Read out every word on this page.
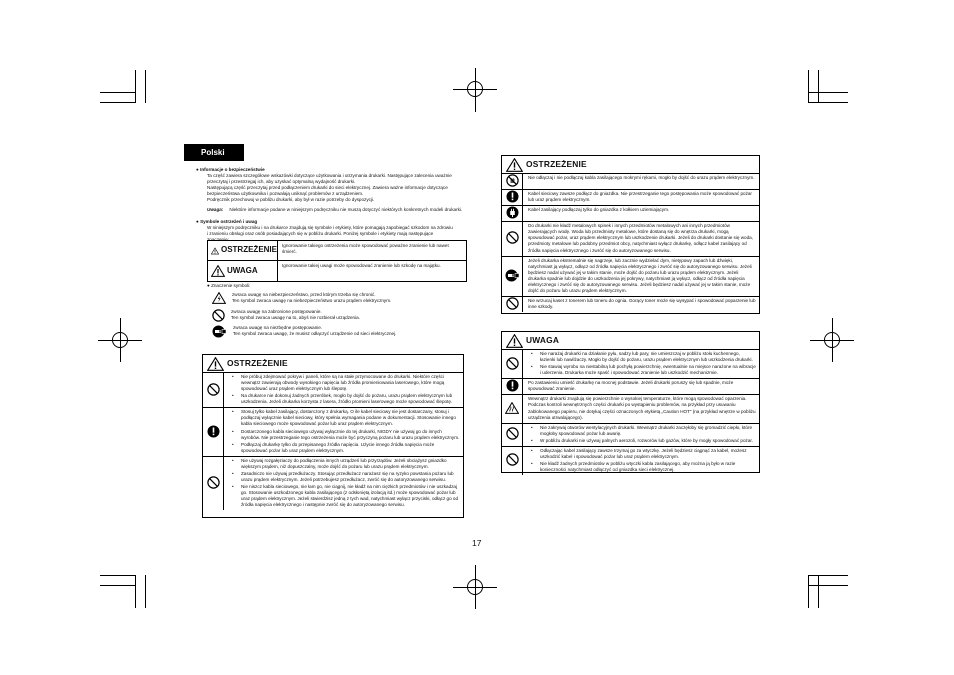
Polski
● Informacje o bezpieczeństwie
Ta część zawiera szczegółowe wskazówki dotyczące użytkowania i utrzymania drukarki. Następujące zalecenia uważnie
przeczytaj i przestrzegaj ich, aby uzyskać optymalną wydajność drukarki.
Następującą część przeczytaj przed podłączeniem drukarki do sieci elektrycznej. Zawiera ważne informacje dotyczące
bezpieczeństwa użytkownika i pozwalają uniknąć problemów z urządzeniem.
Podręcznik przechowuj w pobliżu drukarki, aby był w razie potrzeby do dyspozycji.
Uwaga: Niektóre informacje podane w niniejszym podręczniku nie muszą dotyczyć niektórych konkretnych modeli drukarki.
● Symbole ostrzeżeń i uwag
W niniejszym podręczniku i na drukarce znajdują się symbole i etykiety, które pomagają zapobiegać szkodom na zdrowiu
i zranieniu obsługi oraz osób posiadających się w pobliżu drukarki. Poniżej symbole i etykiety mają następujące
znaczenie:
OSTRZEŻENIE	Ignorowanie takiego ostrzeżenia może spowodować poważne zranienie lub nawet śmierć.
UWAGA
Ignorowanie takiej uwagi może spowodować zranienie lub szkodę na majątku.
● Znaczenie symboli:
zwraca uwagę na niebezpieczeństwo, przed którym trzeba się chronić.
Ten symbol zwraca uwagę na niebezpieczeństwo urazu prądem elektrycznym.
zwraca uwagę na zabronione postępowanie.
Ten symbol zwraca uwagę na to, abyś nie rozbierał urządzenia.
zwraca uwagę na niezbędne postępowanie.
Ten symbol zwraca uwagę, że musisz odłączyć urządzenie od sieci elektrycznej.
OSTRZEŻENIE
• Nie próbuj zdejmować pokryw i paneli, które są na stałe przymocowane do drukarki. Niektóre części wewnątrz zawierają obwody wysokiego napięcia lub źródła promieniowania laserowego, które mogą spowodować uraz prądem elektrycznym lub ślepotę.
• Na drukarce nie dokonuj żadnych przeróbek, mogło by dojść do pożaru, urazu prądem elektrycznym lub uszkodzenia. Jeżeli drukarka korzysta z lasera, źródło promieni laserowego może spowodować ślepotę.
• Stosuj tylko kabel zasilający, dostarczony z drukarką. O ile kabel sieciowy nie jest dostarczany, stosuj i podłączaj wyłącznie kabel sieciowy, który spełnia wymagania podane w dokumentacji. Stosowanie innego kabla sieciowego może spowodować pożar lub uraz prądem elektrycznym.
• Dostarczonego kabla sieciowego używaj wyłącznie do tej drukarki, NIGDY nie używaj go do innych wyrobów. Nie przestrzeganie tego ostrzeżenia może być przyczyną pożaru lub urazu prądem elektrycznym.
• Podłączaj drukarkę tylko do przepisanego źródła napięcia. Użycie innego źródła napięcia może spowodować pożar lub uraz prądem elektrycznym.
• Nie używaj rozgałęziaczy do podłączenia innych urządzeń lub przyrządów. Jeżeli obciążysz gniazdko większym prądem, niż dopuszczalny, może dojść do pożaru lub urazu prądem elektrycznym.
• Zasadniczo nie używaj przedłużaczy. Stosując przedłużacz narażasz się na ryzyko powstania pożaru lub urazu prądem elektrycznym. Jeżeli potrzebujesz przedłużacz, zwróć się do autoryzowanego serwisu.
• Nie niszcz kabla sieciowego, nie łam go, nie ciągnij, nie kładź na nim ciężkich przedmiotów i nie uszkadzaj go. Stosowanie uszkodzonego kabla zasilającego (z odsłoniętą izolacją itd.) może spowodować pożar lub uraz prądem elektrycznym. Jeżeli stwierdzisz jedną z tych wad, natychmiast wyłącz przyciski, odłącz go od źródła napięcia elektrycznego i następnie zwróć się do autoryzowanego serwisu.
OSTRZEŻENIE

Nie odłączaj i nie podłączaj kabla zasilającego mokrymi rękami, mogło by dojść do urazu prądem elektrycznym.

Kabel sieciowy zawsze podłącz do gniazdka. Nie przestrzeganie tego postępowania może spowodować pożar lub uraz prądem elektrycznym.

Kabel zasilający podłączaj tylko do gniazdka z kołkiem uziemiającym.

Do drukarki nie kładź metalowych spinek i innych przedmiotów metalowych ani innych przedmiotów zawierających wodę. Woda lub przedmioty metalowe, które dostaną się do wnętrza drukarki, mogą spowodować pożar, uraz prądem elektrycznym lub uszkodzenie drukarki. Jeżeli do drukarki dostanie się woda, przedmioty metalowe lub podobny przedmiot obcy, natychmiast wyłącz drukarkę, odłącz kabel zasilający od źródła napięcia elektrycznego i zwróć się do autoryzowanego serwisu.

Jeżeli drukarka ekstremalnie się nagrzeje, lub zacznie wydzielać dym, nietypowy zapach lub dźwięki, natychmiast ją wyłącz, odłącz od źródła napięcia elektrycznego i zwróć się do autoryzowanego serwisu. Jeżeli będziesz nadal używać jej w takim stanie, może dojść do pożaru lub urazu prądem elektrycznym. Jeżeli drukarka spadnie lub dojdzie do uszkodzenia jej pokrywy, natychmiast ją wyłącz, odłącz od źródła napięcia elektrycznego i zwróć się do autoryzowanego serwisu. Jeżeli będziesz nadal używać jej w takim stanie, może dojść do pożaru lub urazu prądem elektrycznym.

Nie wrzucaj kaset z tonerem lub toneru do ognia. Gorący toner może się wysypać i spowodować poparzenie lub inne szkody.

UWAGA
• Nie narażaj drukarki na działanie pyłu, sadzy lub pary, nie umieszczaj w pobliżu stołu kuchennego, łazienki lub nawilżaczy. Mogło by dojść do pożaru, urazu prądem elektrycznym lub uszkodzenia drukarki.
• Nie stawiaj wyrobu na niestabilną lub pochyłą powierzchnię, ewentualnie na miejsce narażone na wibracje i uderzenia. Drukarka może spaść i spowodować zranienie lub uszkodzić mechanizmie.

Po zastawieniu umieść drukarkę na mocnej podstawie. Jeżeli drukarki poruszy się lub spadnie, może spowodować zranienie.

Wewnątrz drukarki znajdują się powierzchnie o wysokiej temperaturze, które mogą spowodować oparzenia. Podczas kontroli wewnętrznych części drukarki po wystąpieniu problemów, na przykład przy usuwaniu zablokowanego papieru, nie dotykaj części oznaczonych etykietą „Caution HOT” (na przykład wnętrze w pobliżu urządzenia utrwalającego).

• Nie zakrywaj otworów wentylacyjnych drukarki. Wewnątrz drukarki zaczęłoby się gromadzić ciepło, które mogłoby spowodować pożar lub awarię.
• W pobliżu drukarki nie używaj palnych aerozoli, rozworów lub gazów, które by mogły spowodować pożar.
• Odłączając kabel zasilający zawsze trzymaj go za wtyczkę. Jeżeli będziesz ciągnąć za kabel, możesz uszkodzić kabel i spowodować pożar lub uraz prądem elektrycznym.
• Nie kładź żadnych przedmiotów w pobliżu wtyczki kabla zasilającego, aby można ją było w razie konieczności natychmiast odłączyć od gniazdka sieci elektrycznej.
17
